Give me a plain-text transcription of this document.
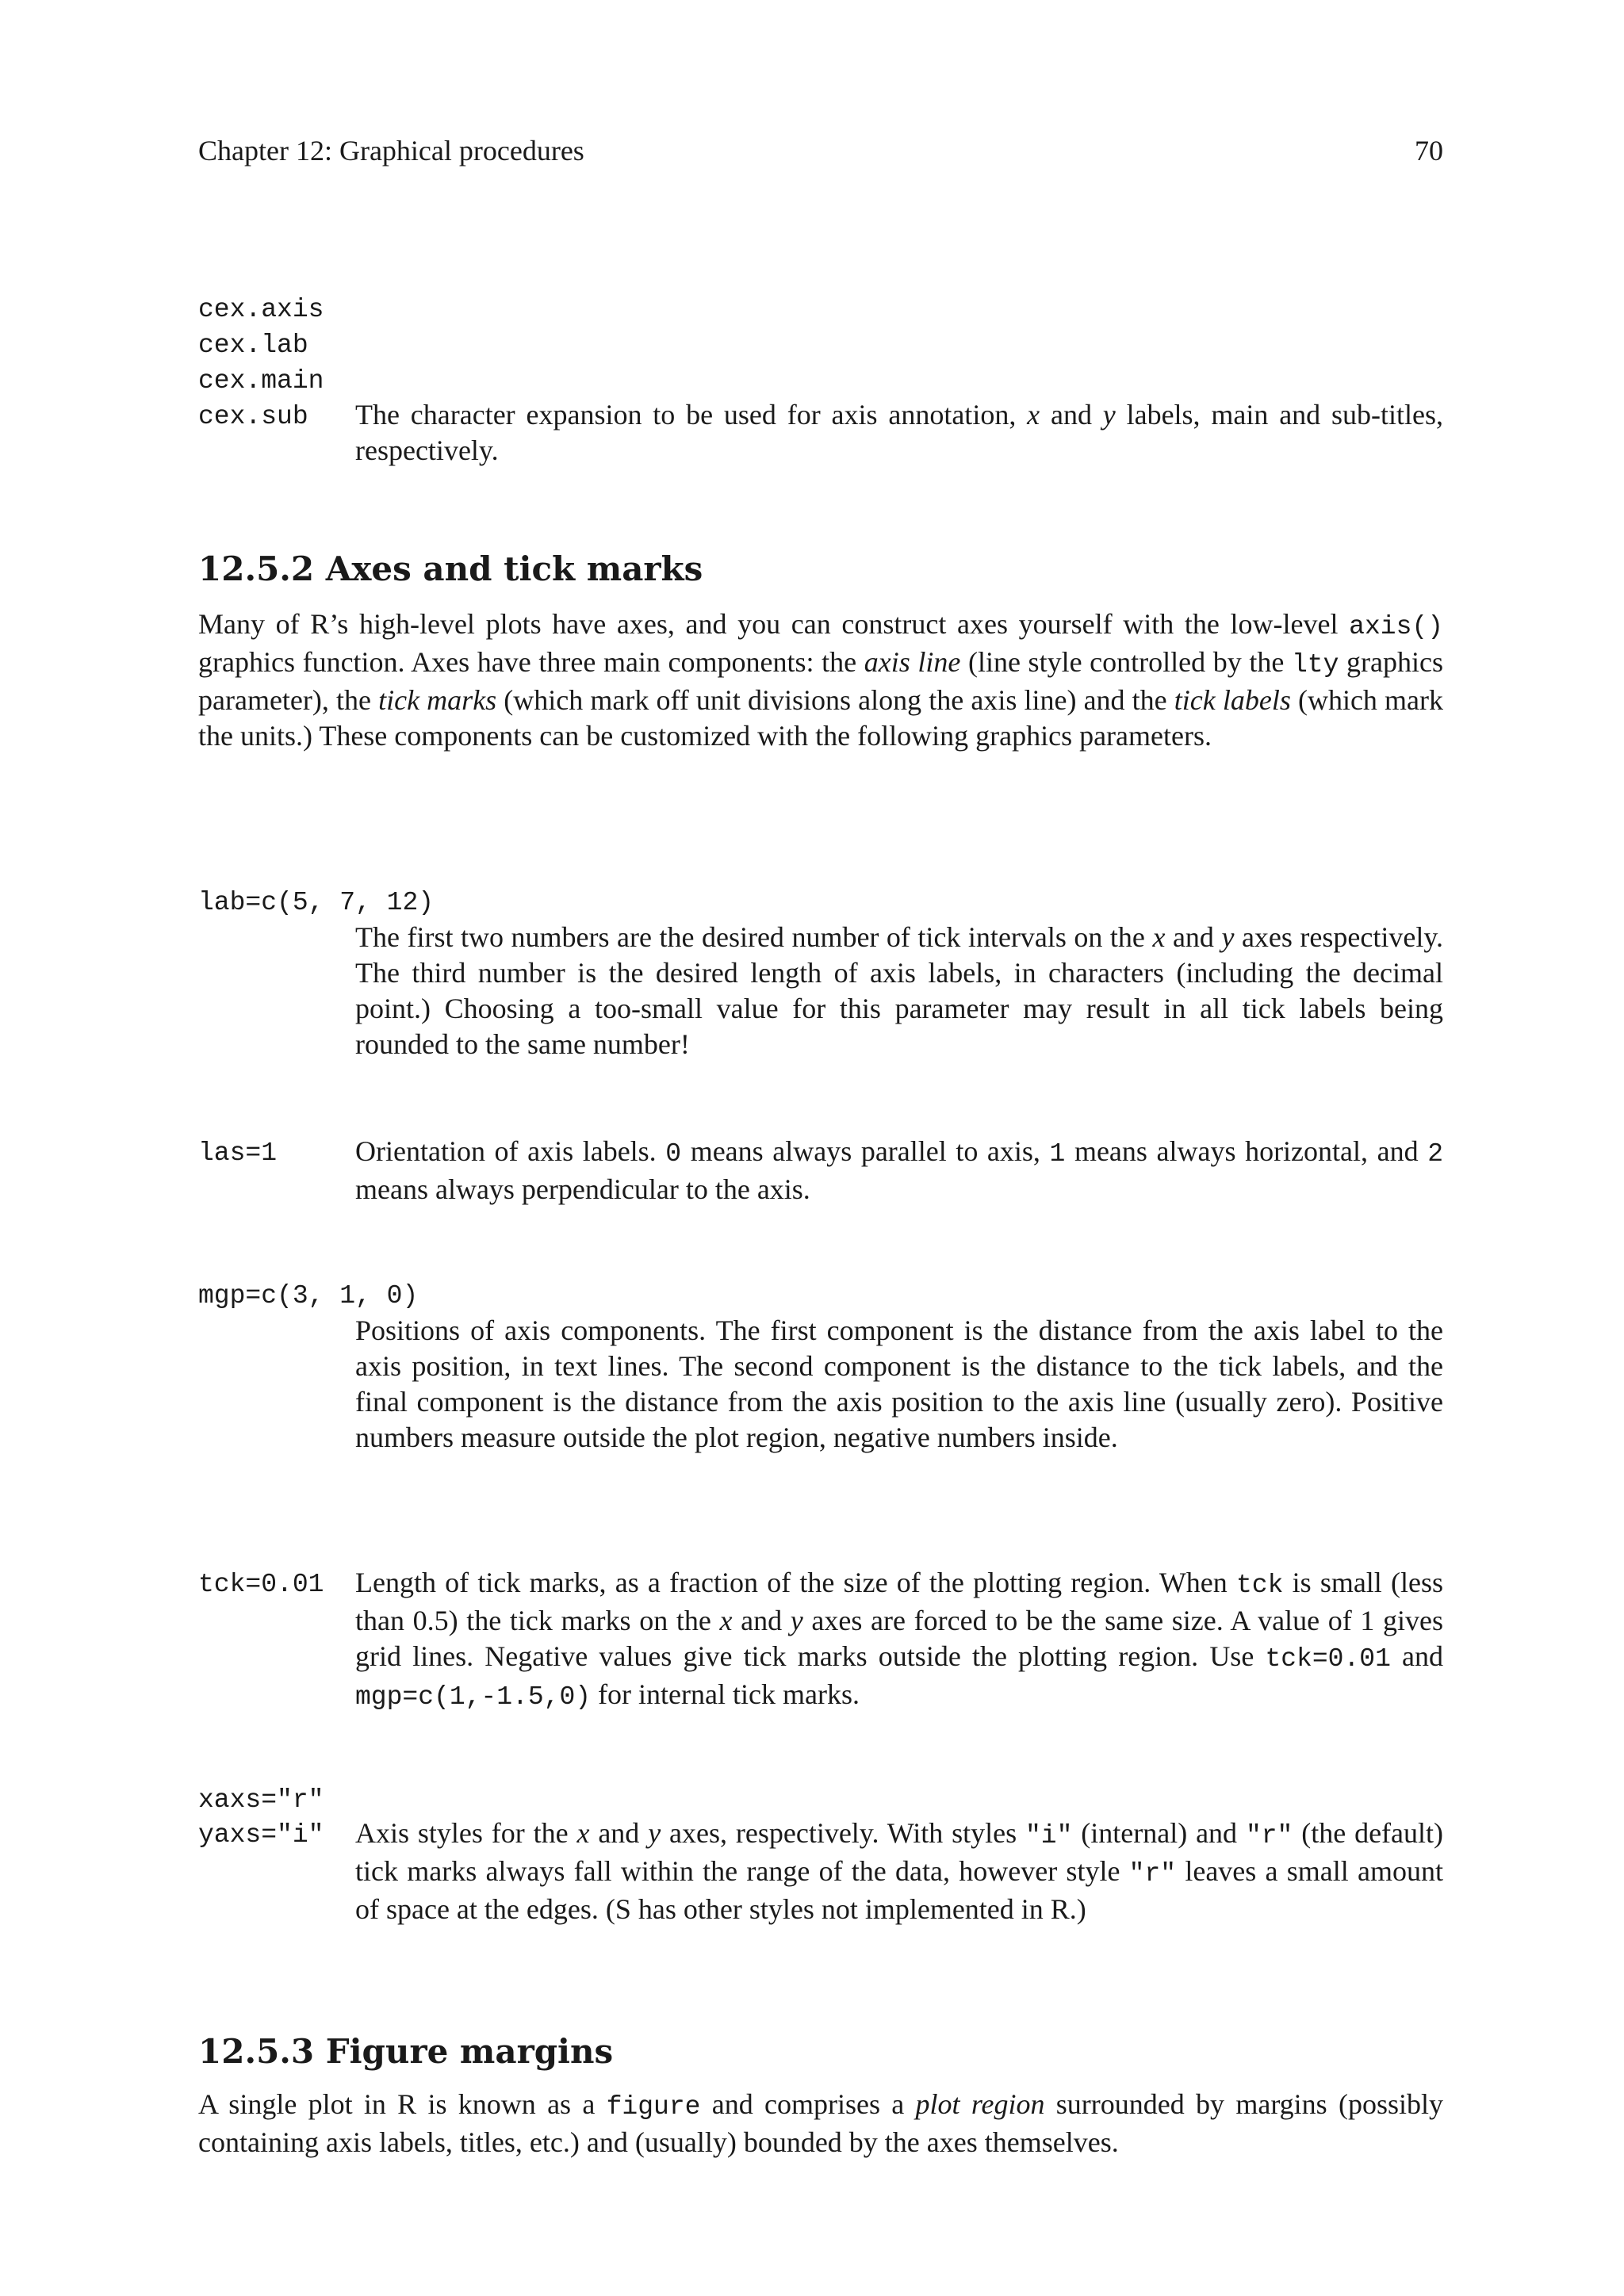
Chapter 12: Graphical procedures	70
cex.axis
cex.lab
cex.main
cex.sub The character expansion to be used for axis annotation, x and y labels, main and sub-titles, respectively.
12.5.2 Axes and tick marks
Many of R’s high-level plots have axes, and you can construct axes yourself with the low-level axis() graphics function. Axes have three main components: the axis line (line style controlled by the lty graphics parameter), the tick marks (which mark off unit divisions along the axis line) and the tick labels (which mark the units.) These components can be customized with the following graphics parameters.
lab=c(5, 7, 12)
The first two numbers are the desired number of tick intervals on the x and y axes respectively. The third number is the desired length of axis labels, in characters (including the decimal point.) Choosing a too-small value for this parameter may result in all tick labels being rounded to the same number!
las=1	Orientation of axis labels. 0 means always parallel to axis, 1 means always horizontal, and 2 means always perpendicular to the axis.
mgp=c(3, 1, 0)
Positions of axis components. The first component is the distance from the axis label to the axis position, in text lines. The second component is the distance to the tick labels, and the final component is the distance from the axis position to the axis line (usually zero). Positive numbers measure outside the plot region, negative numbers inside.
tck=0.01 Length of tick marks, as a fraction of the size of the plotting region. When tck is small (less than 0.5) the tick marks on the x and y axes are forced to be the same size. A value of 1 gives grid lines. Negative values give tick marks outside the plotting region. Use tck=0.01 and mgp=c(1,-1.5,0) for internal tick marks.
xaxs="r"
yaxs="i" Axis styles for the x and y axes, respectively. With styles "i" (internal) and "r" (the default) tick marks always fall within the range of the data, however style "r" leaves a small amount of space at the edges. (S has other styles not implemented in R.)
12.5.3 Figure margins
A single plot in R is known as a figure and comprises a plot region surrounded by margins (possibly containing axis labels, titles, etc.) and (usually) bounded by the axes themselves.
